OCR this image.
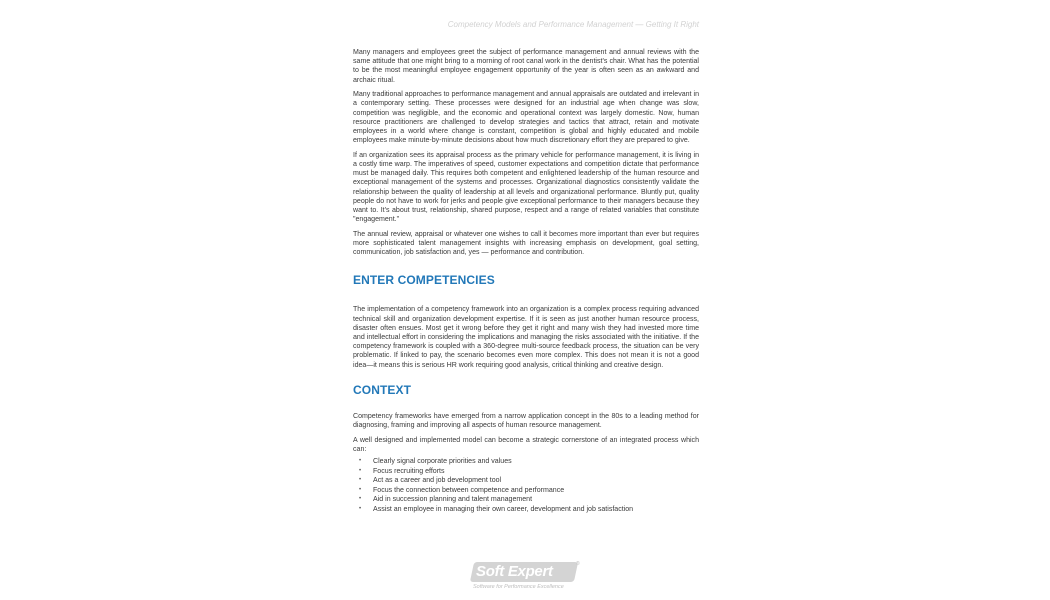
Competency Models and Performance Management — Getting It Right

Many managers and employees greet the subject of performance management and annual reviews with the same attitude that one might bring to a morning of root canal work in the dentist's chair. What has the potential to be the most meaningful employee engagement opportunity of the year is often seen as an awkward and archaic ritual.

Many traditional approaches to performance management and annual appraisals are outdated and irrelevant in a contemporary setting. These processes were designed for an industrial age when change was slow, competition was negligible, and the economic and operational context was largely domestic. Now, human resource practitioners are challenged to develop strategies and tactics that attract, retain and motivate employees in a world where change is constant, competition is global and highly educated and mobile employees make minute-by-minute decisions about how much discretionary effort they are prepared to give.

If an organization sees its appraisal process as the primary vehicle for performance management, it is living in a costly time warp. The imperatives of speed, customer expectations and competition dictate that performance must be managed daily. This requires both competent and enlightened leadership of the human resource and exceptional management of the systems and processes. Organizational diagnostics consistently validate the relationship between the quality of leadership at all levels and organizational performance. Bluntly put, quality people do not have to work for jerks and people give exceptional performance to their managers because they want to. It's about trust, relationship, shared purpose, respect and a range of related variables that constitute "engagement."

The annual review, appraisal or whatever one wishes to call it becomes more important than ever but requires more sophisticated talent management insights with increasing emphasis on development, goal setting, communication, job satisfaction and, yes — performance and contribution.

ENTER COMPETENCIES

The implementation of a competency framework into an organization is a complex process requiring advanced technical skill and organization development expertise. If it is seen as just another human resource process, disaster often ensues. Most get it wrong before they get it right and many wish they had invested more time and intellectual effort in considering the implications and managing the risks associated with the initiative. If the competency framework is coupled with a 360-degree multi-source feedback process, the situation can be very problematic. If linked to pay, the scenario becomes even more complex. This does not mean it is not a good idea—it means this is serious HR work requiring good analysis, critical thinking and creative design.

CONTEXT

Competency frameworks have emerged from a narrow application concept in the 80s to a leading method for diagnosing, framing and improving all aspects of human resource management.

A well designed and implemented model can become a strategic cornerstone of an integrated process which can:

• Clearly signal corporate priorities and values
• Focus recruiting efforts
• Act as a career and job development tool
• Focus the connection between competence and performance
• Aid in succession planning and talent management
• Assist an employee in managing their own career, development and job satisfaction
Soft Expert	®
Software for Performance Excellence
